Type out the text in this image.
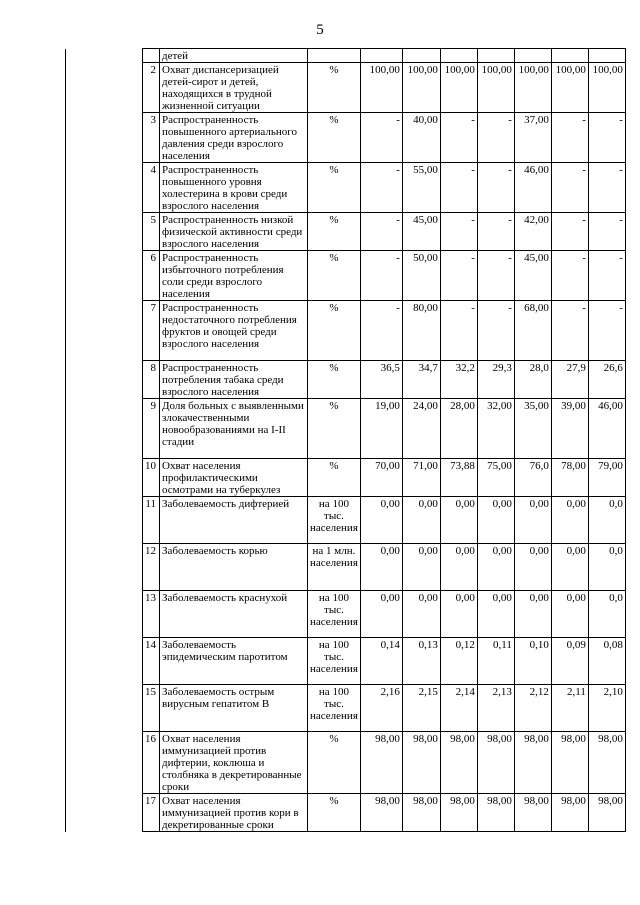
5
		детей								
	2	Охват диспансеризацией детей-сирот и детей, находящихся в трудной жизненной ситуации	%	100,00	100,00	100,00	100,00	100,00	100,00	100,00
	3	Распространенность повышенного артериального давления среди взрослого населения	%	-	40,00	-	-	37,00	-	-
	4	Распространенность повышенного уровня холестерина в крови среди взрослого населения	%	-	55,00	-	-	46,00	-	-
	5	Распространенность низкой физической активности среди взрослого населения	%	-	45,00	-	-	42,00	-	-
	6	Распространенность избыточного потребления соли среди взрослого населения	%	-	50,00	-	-	45,00	-	-
	7	Распространенность недостаточного потребления фруктов и овощей среди взрослого населения	%	-	80,00	-	-	68,00	-	-
	8	Распространенность потребления табака среди взрослого населения	%	36,5	34,7	32,2	29,3	28,0	27,9	26,6
	9	Доля больных с выявленными злокачественными новообразованиями на I-II стадии	%	19,00	24,00	28,00	32,00	35,00	39,00	46,00
	10	Охват населения профилактическими осмотрами на туберкулез	%	70,00	71,00	73,88	75,00	76,0	78,00	79,00
	11	Заболеваемость дифтерией	на 100 тыс. населения	0,00	0,00	0,00	0,00	0,00	0,00	0,0
	12	Заболеваемость корью	на 1 млн. населения	0,00	0,00	0,00	0,00	0,00	0,00	0,0
	13	Заболеваемость краснухой	на 100 тыс. населения	0,00	0,00	0,00	0,00	0,00	0,00	0,0
	14	Заболеваемость эпидемическим паротитом	на 100 тыс. населения	0,14	0,13	0,12	0,11	0,10	0,09	0,08
	15	Заболеваемость острым вирусным гепатитом В	на 100 тыс. населения	2,16	2,15	2,14	2,13	2,12	2,11	2,10
	16	Охват населения иммунизацией против дифтерии, коклюша и столбняка в декретированные сроки	%	98,00	98,00	98,00	98,00	98,00	98,00	98,00
	17	Охват населения иммунизацией против кори в декретированные сроки	%	98,00	98,00	98,00	98,00	98,00	98,00	98,00
